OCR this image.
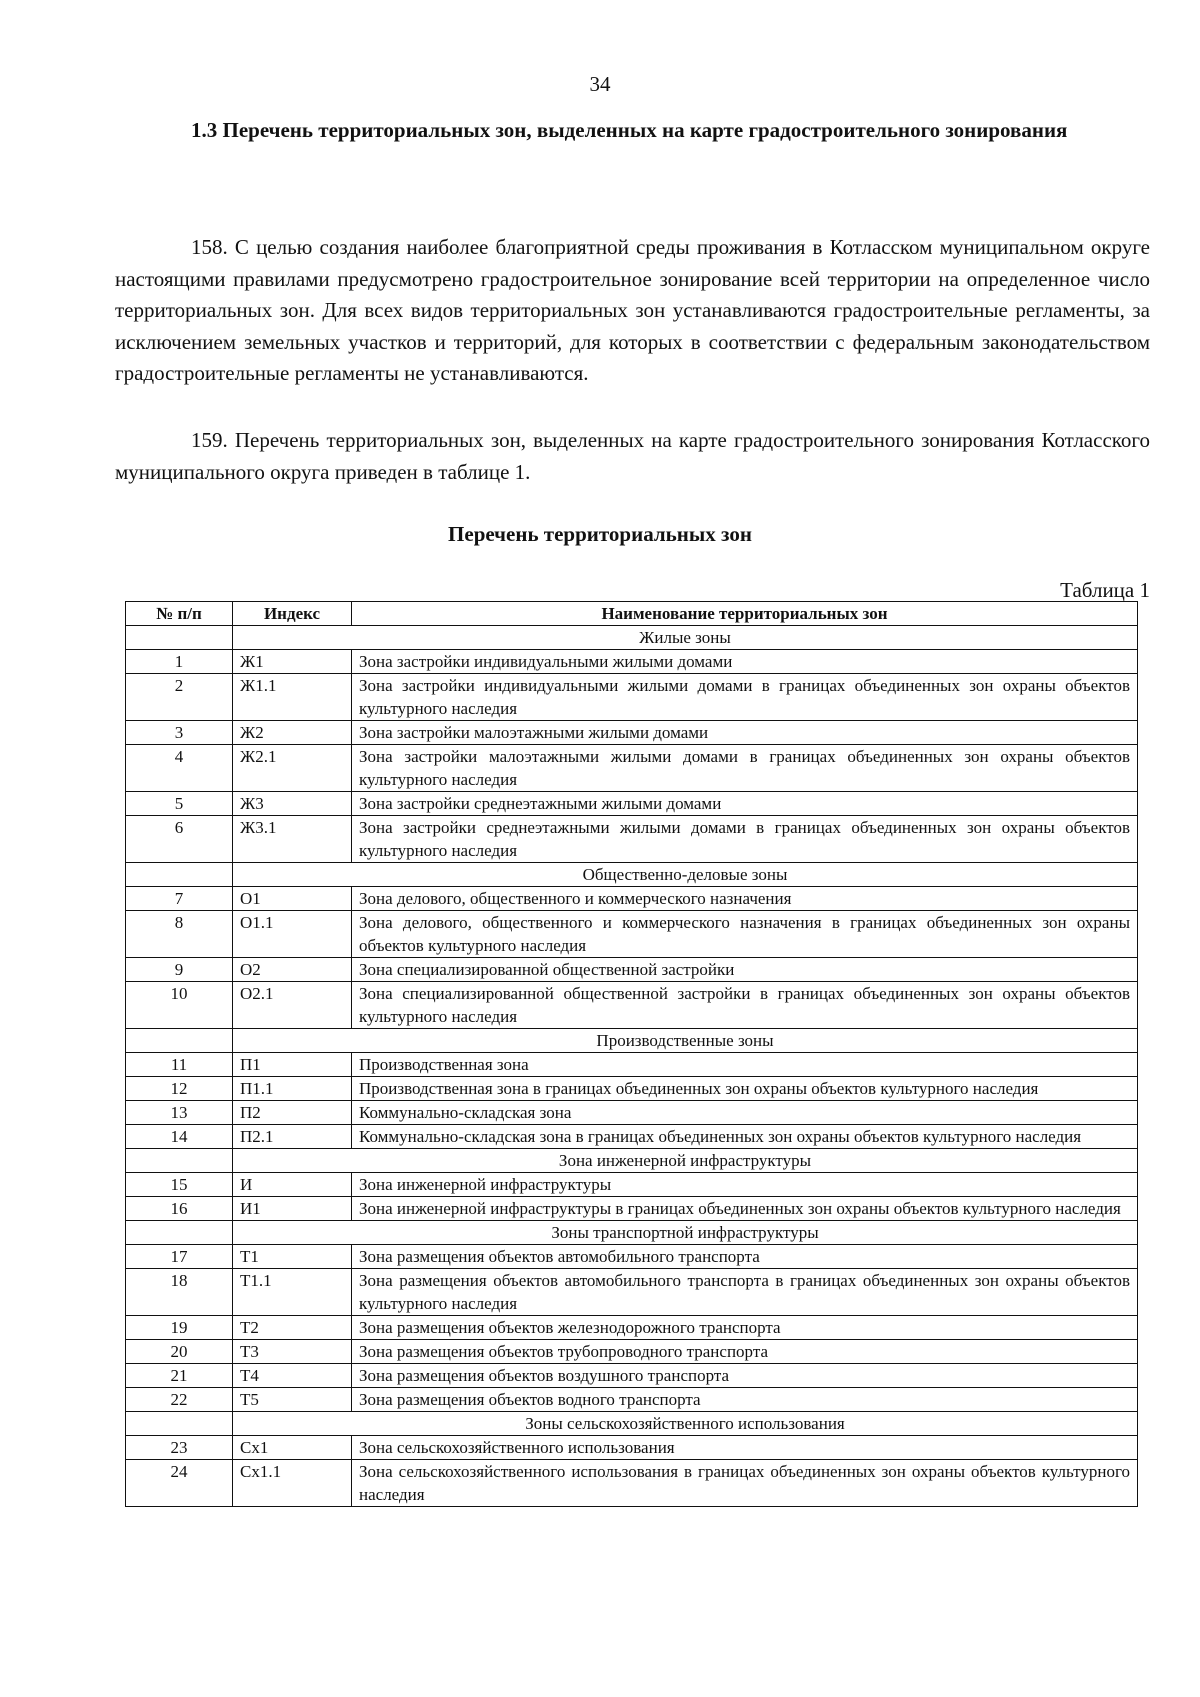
34

1.3 Перечень территориальных зон, выделенных на карте градостроительного зонирования

158. С целью создания наиболее благоприятной среды проживания в Котласском муниципальном округе настоящими правилами предусмотрено градостроительное зонирование всей территории на определенное число территориальных зон. Для всех видов территориальных зон устанавливаются градостроительные регламенты, за исключением земельных участков и территорий, для которых в соответствии с федеральным законодательством градостроительные регламенты не устанавливаются.

159. Перечень территориальных зон, выделенных на карте градостроительного зонирования Котласского муниципального округа приведен в таблице 1.

Перечень территориальных зон
Таблица 1
№ п/п	Индекс	Наименование территориальных зон
	Жилые зоны	
1	Ж1	Зона застройки индивидуальными жилыми домами
2	Ж1.1	Зона застройки индивидуальными жилыми домами в границах объединенных зон охраны объектов культурного наследия
3	Ж2	Зона застройки малоэтажными жилыми домами
4	Ж2.1	Зона застройки малоэтажными жилыми домами в границах объединенных зон охраны объектов культурного наследия
5	Ж3	Зона застройки среднеэтажными жилыми домами
6	Ж3.1	Зона застройки среднеэтажными жилыми домами в границах объединенных зон охраны объектов культурного наследия
	Общественно-деловые зоны	
7	О1	Зона делового, общественного и коммерческого назначения
8	О1.1	Зона делового, общественного и коммерческого назначения в границах объединенных зон охраны объектов культурного наследия
9	О2	Зона специализированной общественной застройки
10	О2.1	Зона специализированной общественной застройки в границах объединенных зон охраны объектов культурного наследия
	Производственные зоны	
11	П1	Производственная зона
12	П1.1	Производственная зона в границах объединенных зон охраны объектов культурного наследия
13	П2	Коммунально-складская зона
14	П2.1	Коммунально-складская зона в границах объединенных зон охраны объектов культурного наследия
	Зона инженерной инфраструктуры	
15	И	Зона инженерной инфраструктуры
16	И1	Зона инженерной инфраструктуры в границах объединенных зон охраны объектов культурного наследия
	Зоны транспортной инфраструктуры	
17	Т1	Зона размещения объектов автомобильного транспорта
18	Т1.1	Зона размещения объектов автомобильного транспорта в границах объединенных зон охраны объектов культурного наследия
19	Т2	Зона размещения объектов железнодорожного транспорта
20	Т3	Зона размещения объектов трубопроводного транспорта
21	Т4	Зона размещения объектов воздушного транспорта
22	Т5	Зона размещения объектов водного транспорта
	Зоны сельскохозяйственного использования	
23	Сх1	Зона сельскохозяйственного использования
24	Сх1.1	Зона сельскохозяйственного использования в границах объединенных зон охраны объектов культурного наследия
